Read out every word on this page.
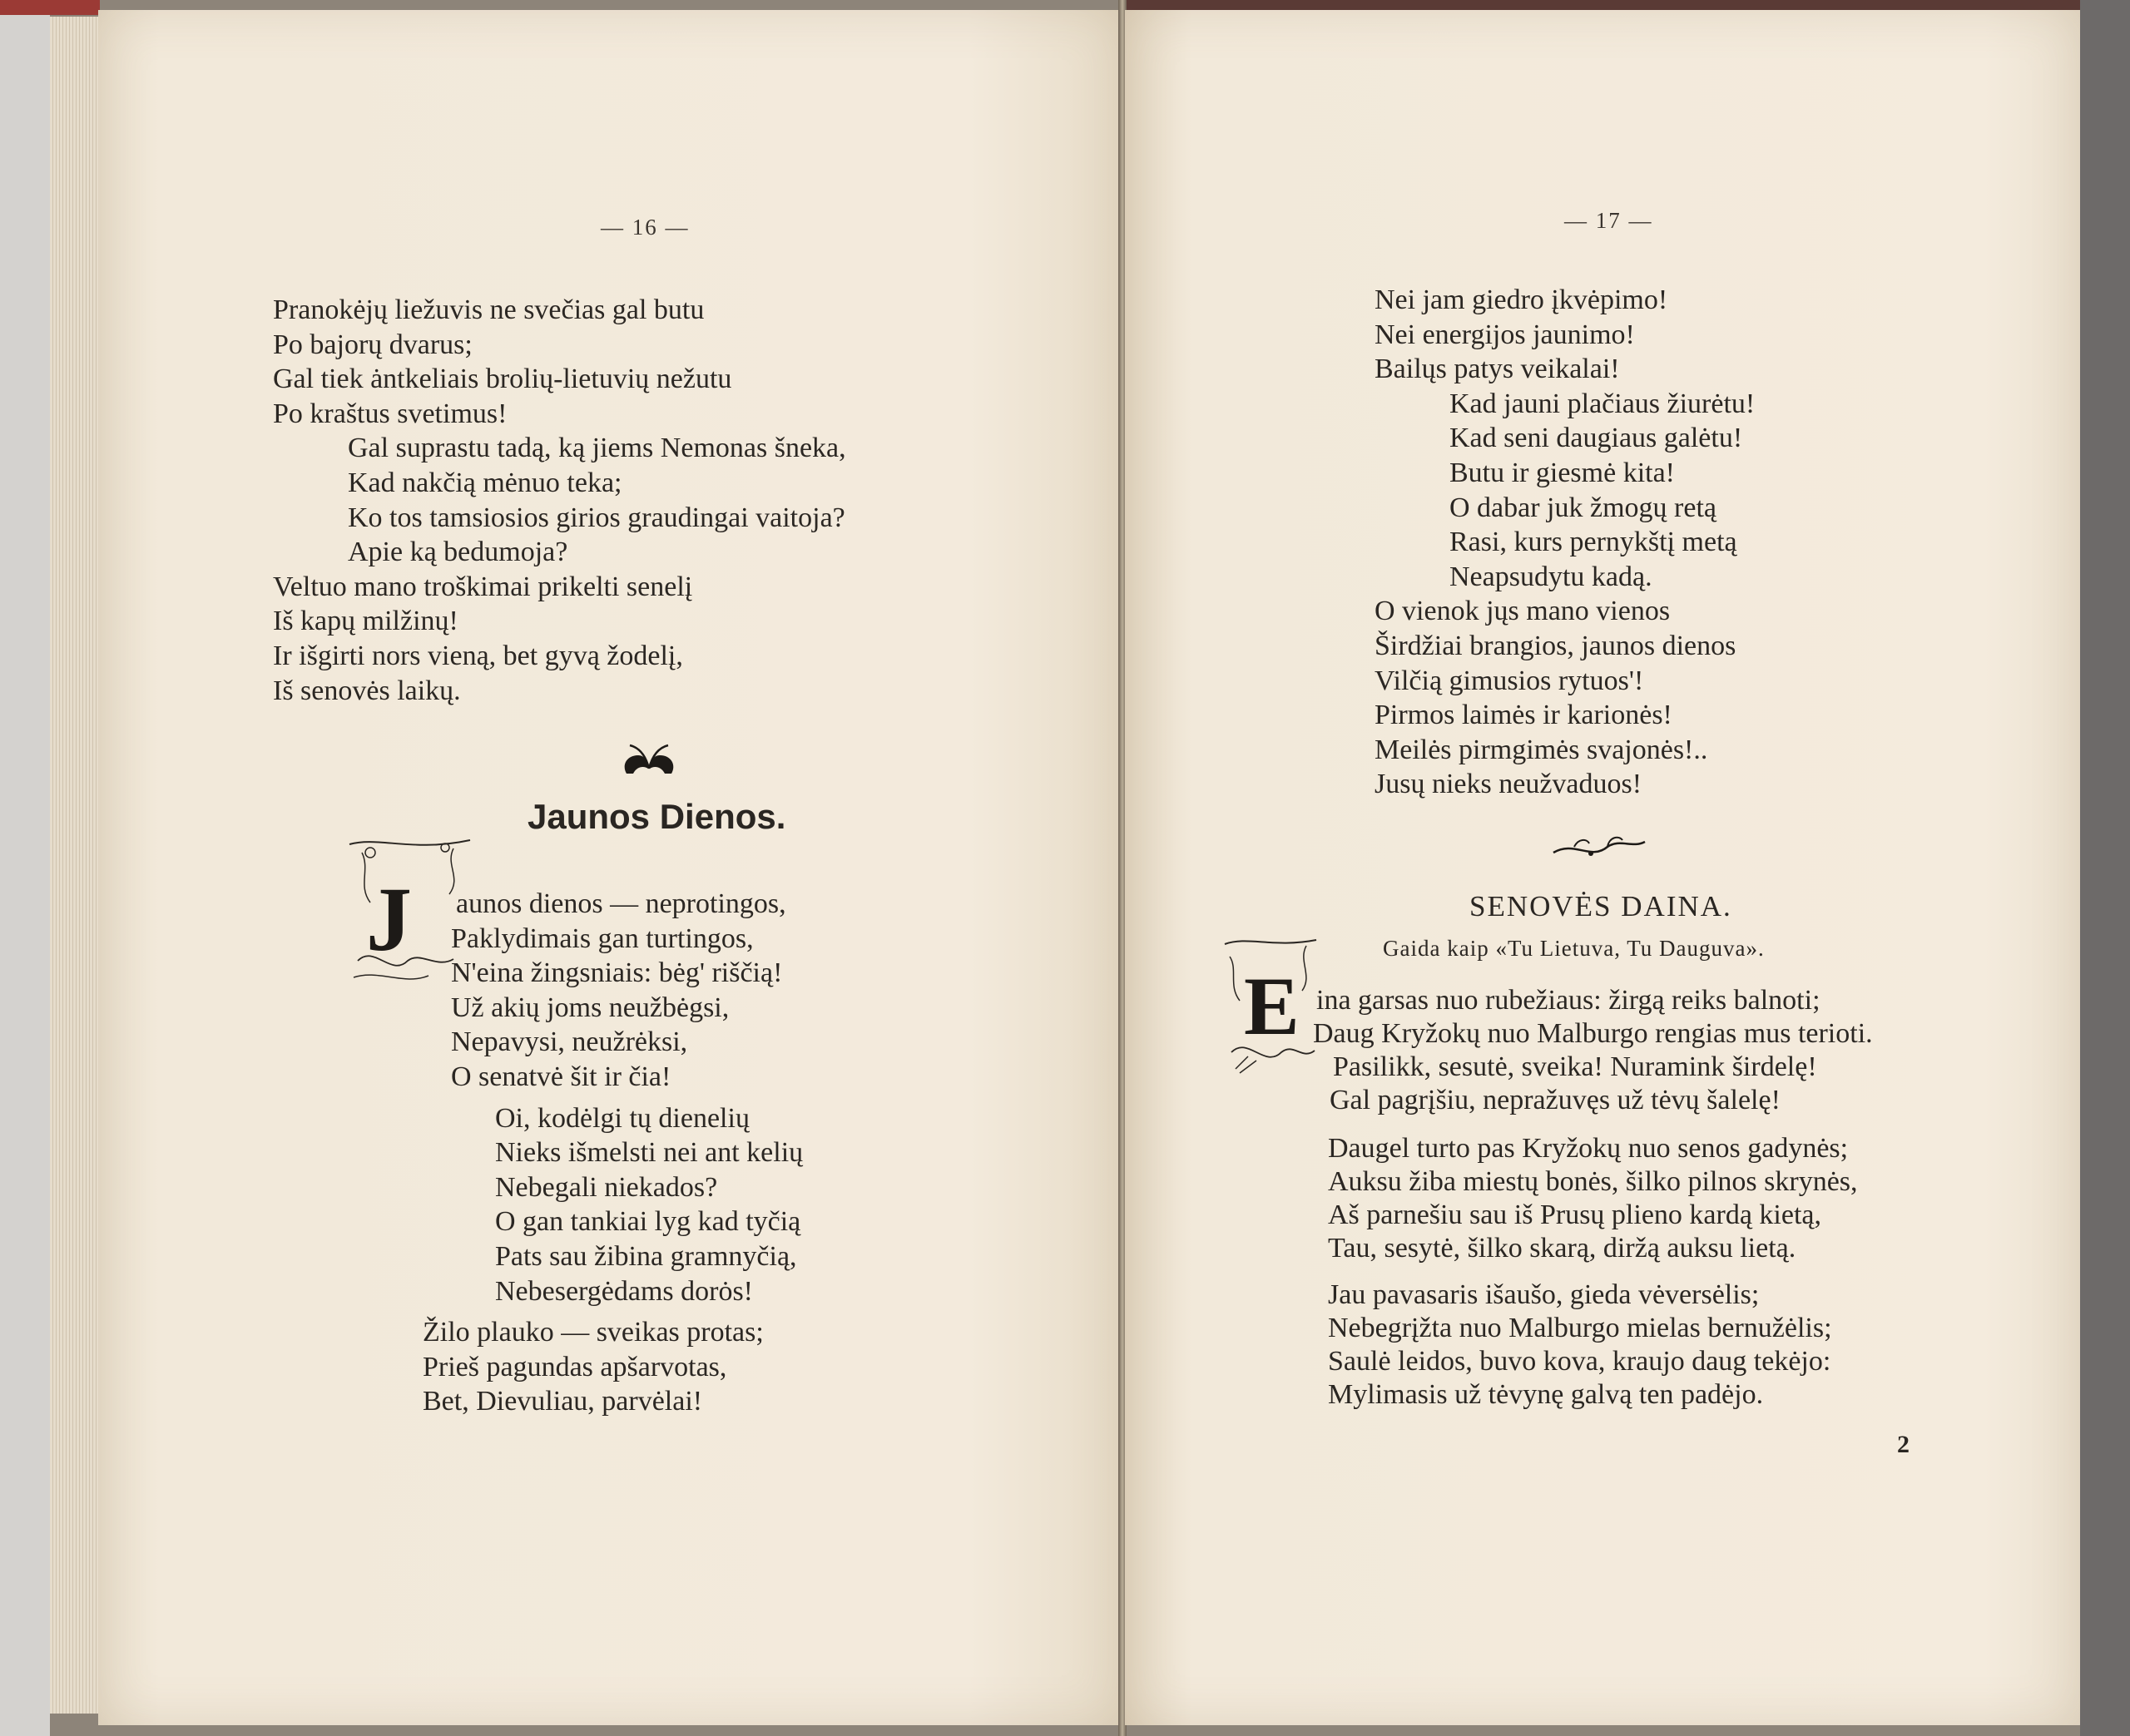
— 16 —
Pranokėjų liežuvis ne svečias gal butu
Po bajorų dvarus;
Gal tiek ȧntkeliais brolių-lietuvių nežutu
Po kraštus svetimus!
Gal suprastu tadą, ką jiems Nemonas šneka,
Kad nakčią mėnuo teka;
Ko tos tamsiosios girios graudingai vaitoja?
Apie ką bedumoja?
Veltuo mano troškimai prikelti senelį
Iš kapų milžinų!
Ir išgirti nors vieną, bet gyvą žodelį,
Iš senovės laikų.
Jaunos Dienos.
J aunos dienos — neprotingos,
Paklydimais gan turtingos,
N'eina žingsniais: bėg' riščią!
Už akių joms neužbėgsi,
Nepavysi, neužrėksi,
O senatvė šit ir čia!
Oi, kodėlgi tų dienelių
Nieks išmelsti nei ant kelių
Nebegali niekados?
O gan tankiai lyg kad tyčią
Pats sau žibina gramnyčią,
Nebesergėdams dorȯs!
Žilo plauko — sveikas protas;
Prieš pagundas apšarvotas,
Bet, Dievuliau, parvėlai!
— 17 —
Nei jam giedro įkvėpimo!
Nei energijos jaunimo!
Bailųs patys veikalai!
Kad jauni plačiaus žiurėtu!
Kad seni daugiaus galėtu!
Butu ir giesmė kita!
O dabar juk žmogų retą
Rasi, kurs pernykštį metą
Neapsudytu kadą.
O vienok jųs mano vienos
Širdžiai brangios, jaunos dienos
Vilčią gimusios rytuos'!
Pirmos laimės ir karionės!
Meilės pirmgimės svajonės!..
Jusų nieks neužvaduos!
SENOVĖS DAINA.
Gaida kaip «Tu Lietuva, Tu Dauguva».
E ina garsas nuo rubežiaus: žirgą reiks balnoti;
Daug Kryžokų nuo Malburgo rengias mus terioti.
Pasilikk, sesutė, sveika! Nuramink širdelę!
Gal pagrįšiu, nepražuvęs už tėvų šalelę!
Daugel turto pas Kryžokų nuo senos gadynės;
Auksu žiba miestų bonės, šilko pilnos skrynės,
Aš parnešiu sau iš Prusų plieno kardą kietą,
Tau, sesytė, šilko skarą, diržą auksu lietą.
Jau pavasaris išaušo, gieda vėversėlis;
Nebegrįžta nuo Malburgo mielas bernužėlis;
Saulė leidos, buvo kova, kraujo daug tekėjo:
Mylimasis už tėvynę galvą ten padėjo.
2
